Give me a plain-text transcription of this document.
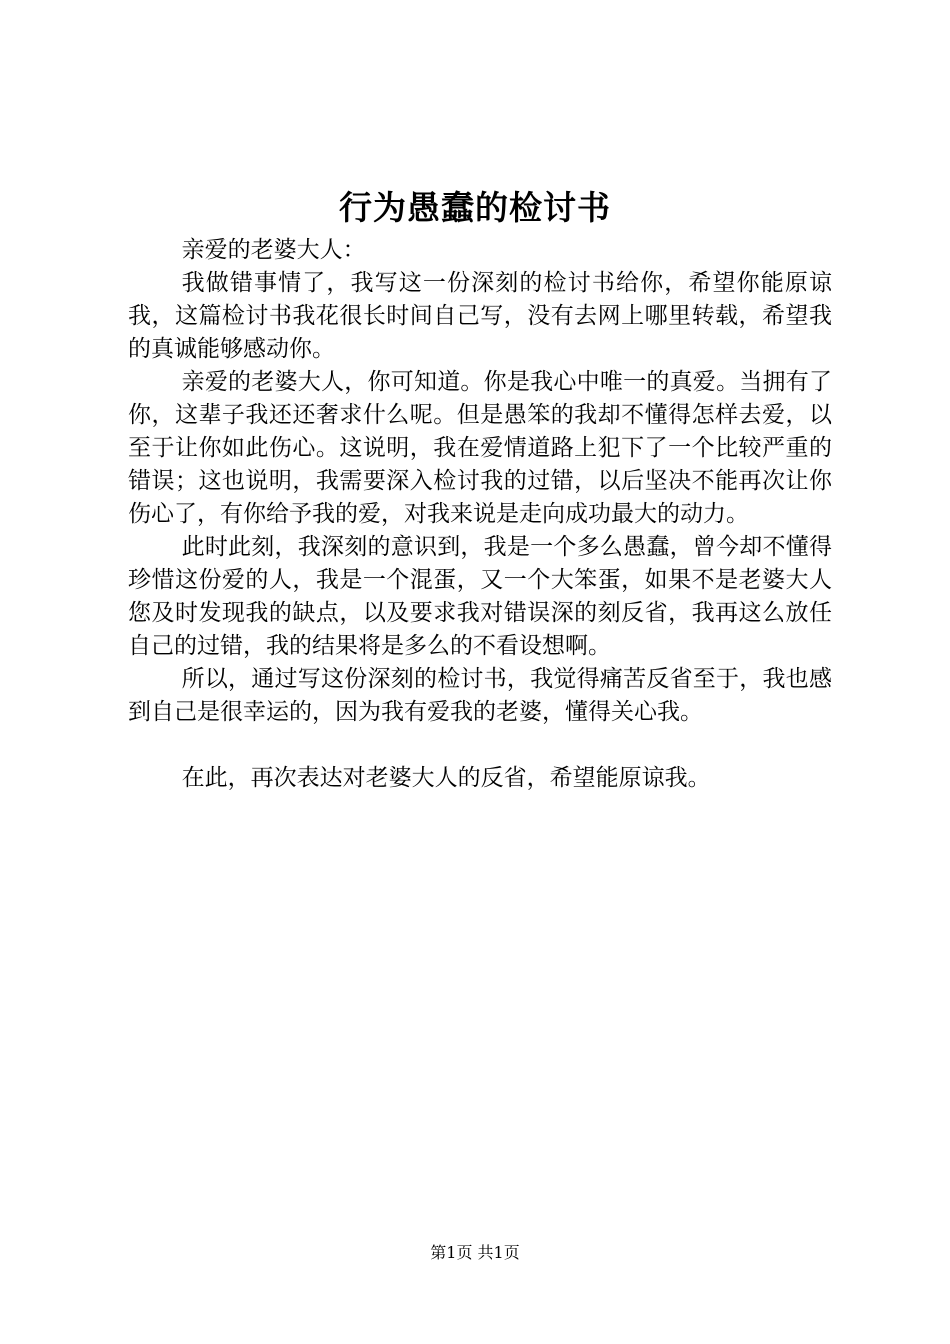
行为愚蠢的检讨书

亲爱的老婆大人：

我做错事情了，我写这一份深刻的检讨书给你，希望你能原谅我，这篇检讨书我花很长时间自己写，没有去网上哪里转载，希望我的真诚能够感动你。

亲爱的老婆大人，你可知道。你是我心中唯一的真爱。当拥有了你，这辈子我还还奢求什么呢。但是愚笨的我却不懂得怎样去爱，以至于让你如此伤心。这说明，我在爱情道路上犯下了一个比较严重的错误；这也说明，我需要深入检讨我的过错，以后坚决不能再次让你伤心了，有你给予我的爱，对我来说是走向成功最大的动力。

此时此刻，我深刻的意识到，我是一个多么愚蠢，曾今却不懂得珍惜这份爱的人，我是一个混蛋，又一个大笨蛋，如果不是老婆大人您及时发现我的缺点，以及要求我对错误深的刻反省，我再这么放任自己的过错，我的结果将是多么的不看设想啊。

所以，通过写这份深刻的检讨书，我觉得痛苦反省至于，我也感到自己是很幸运的，因为我有爱我的老婆，懂得关心我。

在此，再次表达对老婆大人的反省，希望能原谅我。

第1页 共1页
